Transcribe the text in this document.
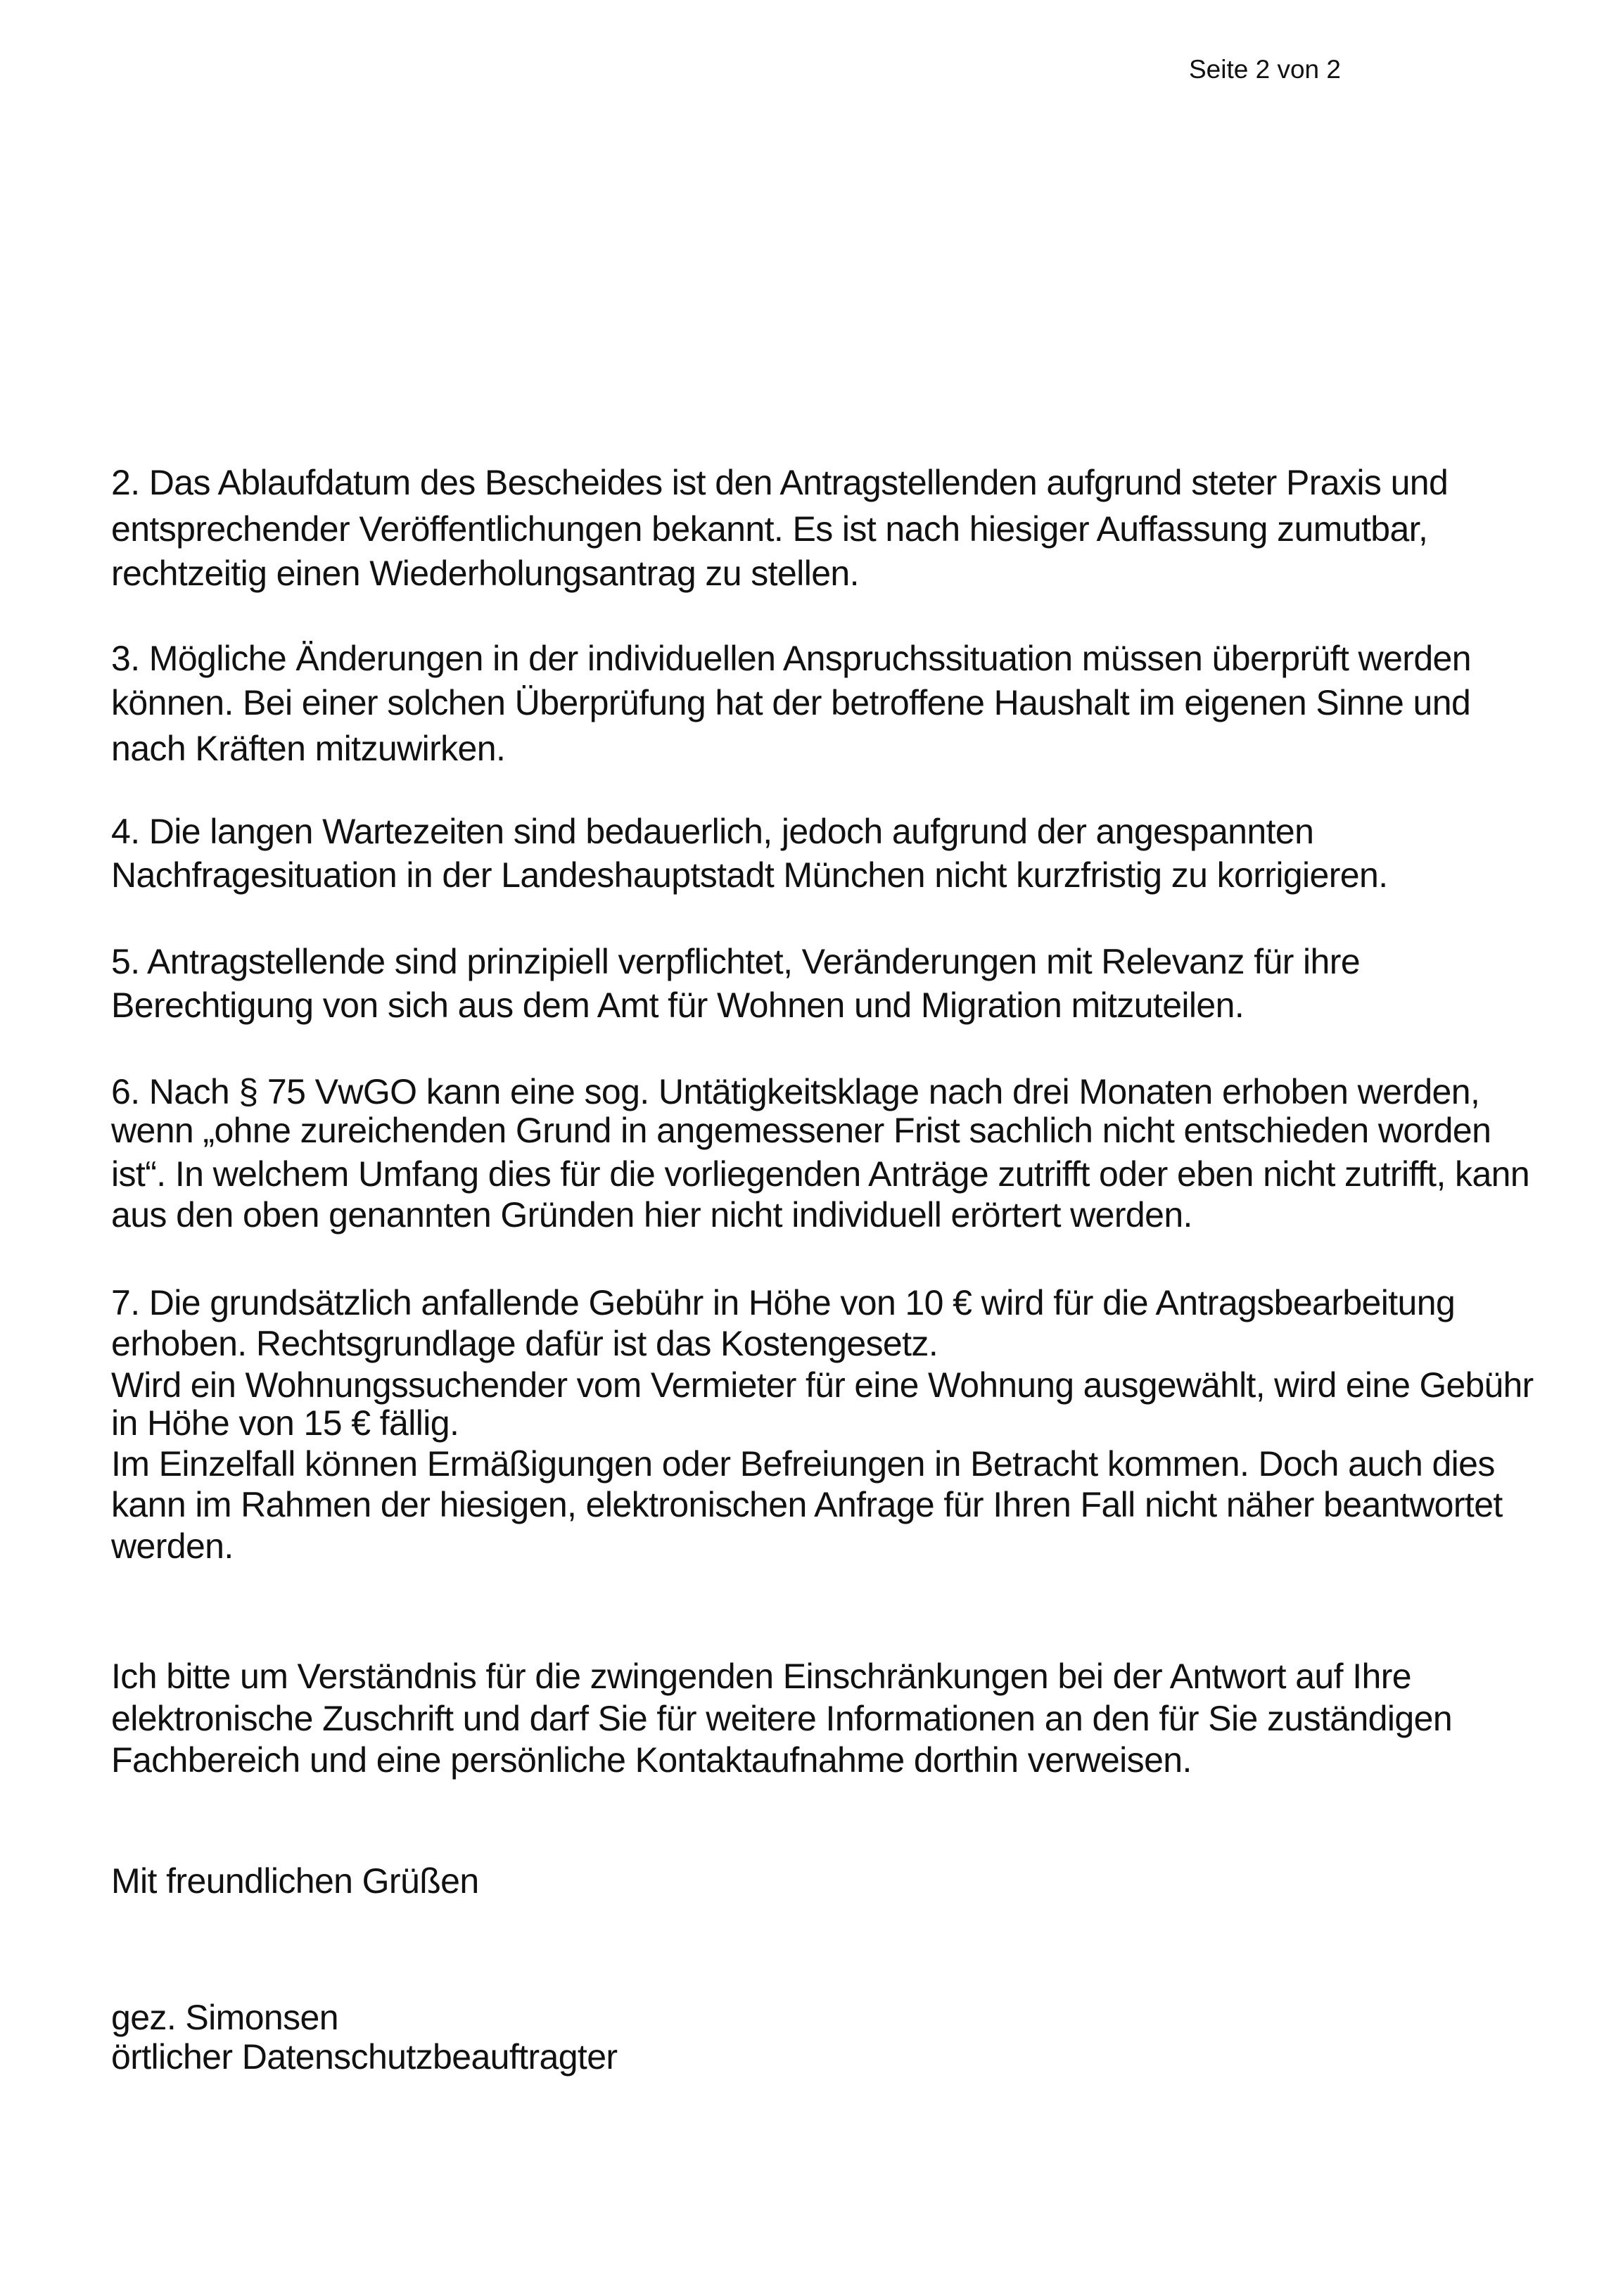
Seite 2 von 2
2. Das Ablaufdatum des Bescheides ist den Antragstellenden aufgrund steter Praxis und
entsprechender Veröffentlichungen bekannt. Es ist nach hiesiger Auffassung zumutbar,
rechtzeitig einen Wiederholungsantrag zu stellen.
3. Mögliche Änderungen in der individuellen Anspruchssituation müssen überprüft werden
können. Bei einer solchen Überprüfung hat der betroffene Haushalt im eigenen Sinne und
nach Kräften mitzuwirken.
4. Die langen Wartezeiten sind bedauerlich, jedoch aufgrund der angespannten
Nachfragesituation in der Landeshauptstadt München nicht kurzfristig zu korrigieren.
5. Antragstellende sind prinzipiell verpflichtet, Veränderungen mit Relevanz für ihre
Berechtigung von sich aus dem Amt für Wohnen und Migration mitzuteilen.
6. Nach § 75 VwGO kann eine sog. Untätigkeitsklage nach drei Monaten erhoben werden,
wenn „ohne zureichenden Grund in angemessener Frist sachlich nicht entschieden worden
ist“. In welchem Umfang dies für die vorliegenden Anträge zutrifft oder eben nicht zutrifft, kann
aus den oben genannten Gründen hier nicht individuell erörtert werden.
7. Die grundsätzlich anfallende Gebühr in Höhe von 10 € wird für die Antragsbearbeitung
erhoben. Rechtsgrundlage dafür ist das Kostengesetz.
Wird ein Wohnungssuchender vom Vermieter für eine Wohnung ausgewählt, wird eine Gebühr
in Höhe von 15 € fällig.
Im Einzelfall können Ermäßigungen oder Befreiungen in Betracht kommen. Doch auch dies
kann im Rahmen der hiesigen, elektronischen Anfrage für Ihren Fall nicht näher beantwortet
werden.
Ich bitte um Verständnis für die zwingenden Einschränkungen bei der Antwort auf Ihre
elektronische Zuschrift und darf Sie für weitere Informationen an den für Sie zuständigen
Fachbereich und eine persönliche Kontaktaufnahme dorthin verweisen.
Mit freundlichen Grüßen
gez. Simonsen
örtlicher Datenschutzbeauftragter
